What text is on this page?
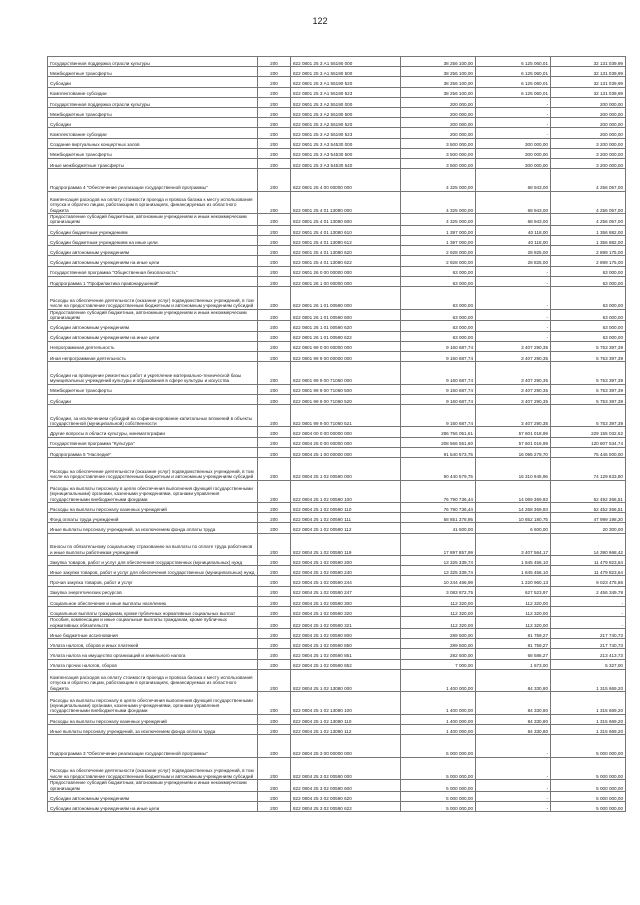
122
Государственная поддержка отрасли культуры	200	822 0801 25 3 А1 55190 000	38 256 100,00	6 125 060,01	32 131 039,99
Межбюджетные трансферты	200	822 0801 25 3 А1 55190 500	38 256 100,00	6 125 060,01	32 131 039,99
Субсидии	200	822 0801 25 3 А1 55190 520	38 256 100,00	6 125 060,01	32 131 039,99
Комплектование субсидии	200	822 0801 25 3 А1 55190 523	38 256 100,00	6 125 060,01	32 131 039,99
Государственная поддержка отрасли культуры	200	822 0801 25 3 А2 55190 000	200 000,00	-	200 000,00
Межбюджетные трансферты	200	822 0801 25 3 А2 55190 500	200 000,00	-	200 000,00
Субсидии	200	822 0801 25 3 А2 55190 520	200 000,00	-	200 000,00
Комплектование субсидии	200	822 0801 25 3 А2 55190 523	200 000,00	-	200 000,00
Создание виртуальных концертных залов	200	822 0801 25 3 А3 54530 000	3 500 000,00	300 000,00	3 200 000,00
Межбюджетные трансферты	200	822 0801 25 3 А3 54530 500	3 500 000,00	300 000,00	3 200 000,00
Иные межбюджетные трансферты	200	822 0801 25 3 А3 54530 540	3 500 000,00	300 000,00	3 200 000,00
Подпрограмма 4 "Обеспечение реализации государственной программы"	200	822 0801 25 4 00 00000 000	4 325 000,00	68 943,00	4 256 057,00
Компенсация расходов на оплату стоимости проезда и провоза багажа к месту использования отпуска и обратно лицам, работающим в организациях, финансируемых из областного бюджета	200	822 0801 25 4 01 13080 000	4 325 000,00	68 943,00	4 256 057,00
Предоставление субсидий бюджетным, автономным учреждениям и иным некоммерческим организациям	200	822 0801 25 4 01 13080 600	4 325 000,00	68 943,00	4 256 057,00
Субсидии бюджетным учреждениям	200	822 0801 25 4 01 13080 610	1 397 000,00	40 118,00	1 356 882,00
Субсидии бюджетным учреждениям на иные цели	200	822 0801 25 4 01 13080 612	1 397 000,00	40 118,00	1 356 882,00
Субсидии автономным учреждениям	200	822 0801 25 4 01 13080 620	2 928 000,00	28 825,00	2 899 175,00
Субсидии автономным учреждениям на иные цели	200	822 0801 25 4 01 13080 622	2 928 000,00	28 825,00	2 899 175,00
Государственная программа "Общественная безопасность"	200	822 0801 26 0 00 00000 000	63 000,00	-	63 000,00
Подпрограмма 1 "Профилактика правонарушений"	200	822 0801 26 1 00 00000 000	63 000,00	-	63 000,00
Расходы на обеспечение деятельности (оказание услуг) подведомственных учреждений, в том числе на предоставление государственным бюджетным и автономным учреждениям субсидий	200	822 0801 26 1 01 00590 000	63 000,00	-	63 000,00
Предоставление субсидий бюджетным, автономным учреждениям и иным некоммерческим организациям	200	822 0801 26 1 01 00590 600	63 000,00	-	63 000,00
Субсидии автономным учреждениям	200	822 0801 26 1 01 00590 620	63 000,00	-	63 000,00
Субсидии автономным учреждениям на иные цели	200	822 0801 26 1 01 00590 622	63 000,00	-	63 000,00
Непрограммная деятельность	200	822 0801 99 0 00 00000 000	9 160 687,74	3 407 290,35	5 753 397,39
Иная непрограммная деятельность	200	822 0801 99 9 00 00000 000	9 160 687,74	3 407 290,35	5 753 397,39
Субсидии на проведение ремонтных работ и укрепление материально-технической базы муниципальных учреждений культуры и образования в сфере культуры и искусства	200	822 0801 99 9 00 71060 000	9 160 687,74	3 407 290,35	5 753 397,39
Межбюджетные трансферты	200	822 0801 99 9 00 71060 500	9 160 687,74	3 407 290,35	5 753 397,39
Субсидии	200	822 0801 99 9 00 71060 520	9 160 687,74	3 407 290,35	5 753 397,39
Субсидии, за исключением субсидий на софинансирование капитальных вложений в объекты государственной (муниципальной) собственности	200	822 0801 99 9 00 71060 521	9 160 687,74	3 407 290,35	5 753 397,39
Другие вопросы в области культуры, кинематографии	200	822 0804 00 0 00 00000 000	286 756 051,61	57 601 018,99	229 155 032,62
Государственная программа "Культура"	200	822 0804 25 0 00 00000 000	208 566 551,60	57 601 016,99	120 807 534,74
Подпрограмма 5 "Наследие"	200	822 0804 25 1 00 00000 000	91 540 573,75	16 095 279,70	75 445 000,00
Расходы на обеспечение деятельности (оказание услуг) подведомственных учреждений, в том числе на предоставление государственным бюджетным и автономным учреждениям субсидий	200	822 0804 25 1 02 00590 000	90 440 579,75	16 310 945,96	74 129 633,80
Расходы на выплаты персоналу в целях обеспечения выполнения функций государственными (муниципальными) органами, казенными учреждениями, органами управления государственными внебюджетными фондами	200	822 0804 25 1 02 00590 100	76 790 736,44	14 069 369,93	62 492 366,51
Расходы на выплаты персоналу казенных учреждений	200	822 0804 25 1 02 00590 110	76 790 736,44	14 268 369,93	62 452 366,51
Фонд оплаты труда учреждений	200	822 0804 25 1 02 00590 111	58 851 378,95	10 852 180,75	47 999 198,20
Иные выплаты персоналу учреждений, за исключением фонда оплаты труда	200	822 0804 25 1 02 00590 112	41 500,00	6 600,00	20 300,00
Взносы по обязательному социальному страхованию на выплаты по оплате труда работников и иные выплаты работникам учреждений	200	822 0804 25 1 02 00590 119	17 897 857,99	3 407 564,17	14 390 968,42
Закупка товаров, работ и услуг для обеспечения государственных (муниципальных) нужд	200	822 0804 25 1 02 00590 200	13 325 339,74	1 845 456,10	11 479 823,64
Иные закупки товаров, работ и услуг для обеспечения государственных (муниципальных) нужд	200	822 0804 25 1 02 00590 240	13 325 339,74	1 845 456,10	11 479 823,64
Прочая закупка товаров, работ и услуг	200	822 0804 25 1 02 00590 244	10 244 466,99	1 220 960,13	9 023 475,86
Закупка энергетических ресурсов	200	822 0804 25 1 02 00590 247	3 083 872,75	627 523,97	2 456 349,78
Социальное обеспечение и иные выплаты населению	200	822 0804 25 1 02 00590 300	112 320,00	112 320,00	-
Социальные выплаты гражданам, кроме публичных нормативных социальных выплат	200	822 0804 25 1 02 00590 320	112 320,00	112 320,00	-
Пособия, компенсации и иные социальные выплаты гражданам, кроме публичных нормативных обязательств	200	822 0804 25 1 02 00590 321	112 320,00	112 320,00	-
Иные бюджетные ассигнования	200	822 0804 25 1 02 00590 800	289 500,00	81 759,27	217 740,73
Уплата налогов, сборов и иных платежей	200	822 0804 25 1 02 00590 850	289 500,00	81 759,27	217 740,73
Уплата налога на имущество организаций и земельного налога	200	822 0804 25 1 02 00590 851	282 500,00	68 586,27	213 413,73
Уплата прочих налогов, сборов	200	822 0804 25 1 02 00590 852	7 000,00	1 673,00	5 327,00
Компенсация расходов на оплату стоимости проезда и провоза багажа к месту использования отпуска и обратно лицам, работающим в организациях, финансируемых из областного бюджета	200	822 0804 25 1 02 13080 000	1 400 000,00	84 330,80	1 315 669,20
Расходы на выплаты персоналу в целях обеспечения выполнения функций государственными (муниципальными) органами, казенными учреждениями, органами управления государственными внебюджетными фондами	200	822 0804 25 1 02 13080 100	1 400 000,00	84 330,80	1 315 669,20
Расходы на выплаты персоналу казенных учреждений	200	822 0804 25 1 02 13080 110	1 400 000,00	84 330,80	1 315 669,20
Иные выплаты персоналу учреждений, за исключением фонда оплаты труда	200	822 0804 25 1 02 13080 112	1 400 000,00	84 330,80	1 315 669,20
Подпрограмма 3 "Обеспечение реализации государственной программы"	200	822 0804 25 3 00 00000 000	5 000 000,00	-	5 000 000,00
Расходы на обеспечение деятельности (оказание услуг) подведомственных учреждений, в том числе на предоставление государственным бюджетным и автономным учреждениям субсидий	200	822 0804 25 3 02 00590 000	5 000 000,00	-	5 000 000,00
Предоставление субсидий бюджетным, автономным учреждениям и иным некоммерческим организациям	200	822 0804 25 3 02 00590 600	5 000 000,00	-	5 000 000,00
Субсидии автономным учреждениям	200	822 0804 25 3 02 00590 620	5 000 000,00	-	5 000 000,00
Субсидии автономным учреждениям на иные цели	200	822 0804 25 3 02 00590 622	5 000 000,00	-	5 000 000,00
